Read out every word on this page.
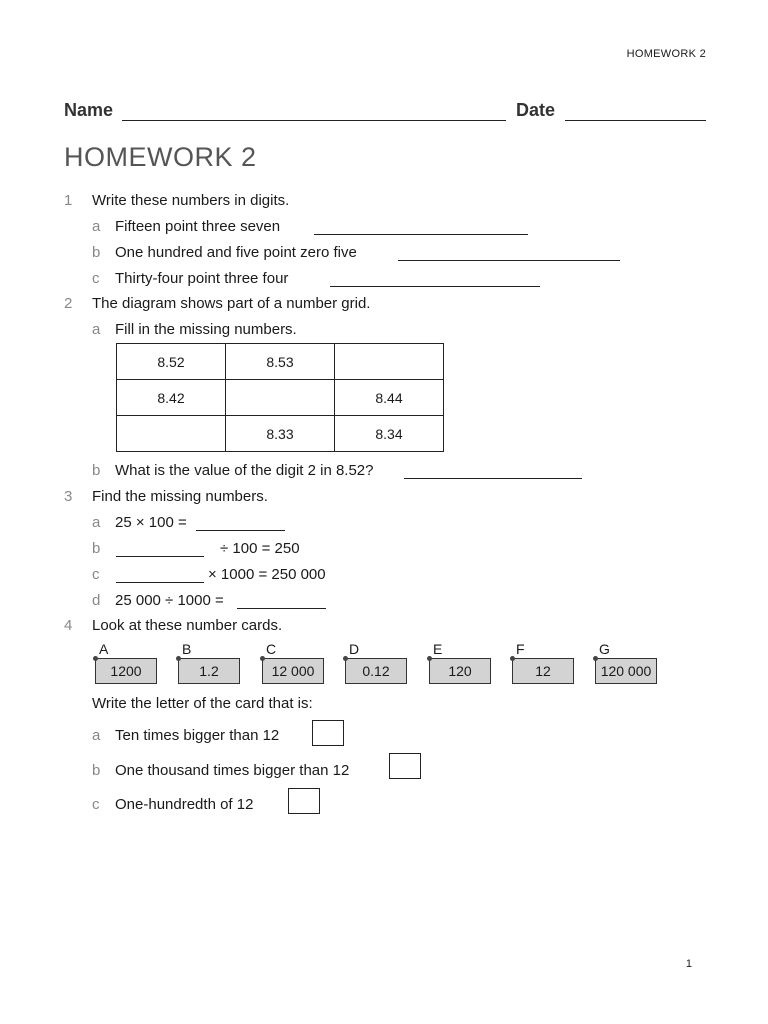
HOMEWORK 2
Name	Date
HOMEWORK 2
1 Write these numbers in digits.
a Fifteen point three seven
b One hundred and five point zero five
c Thirty-four point three four
2 The diagram shows part of a number grid.
a Fill in the missing numbers.
8.52	8.53	
8.42		8.44
	8.33	8.34
b What is the value of the digit 2 in 8.52?
3 Find the missing numbers.
a 25 × 100 =
b	÷ 100 = 250
c	× 1000 = 250 000
d 25 000 ÷ 1000 =
4 Look at these number cards.
A
1200
B
1.2
C
12 000
D
0.12
E
120
F
12
G
120 000
Write the letter of the card that is:
a Ten times bigger than 12
b One thousand times bigger than 12
c One-hundredth of 12
1
